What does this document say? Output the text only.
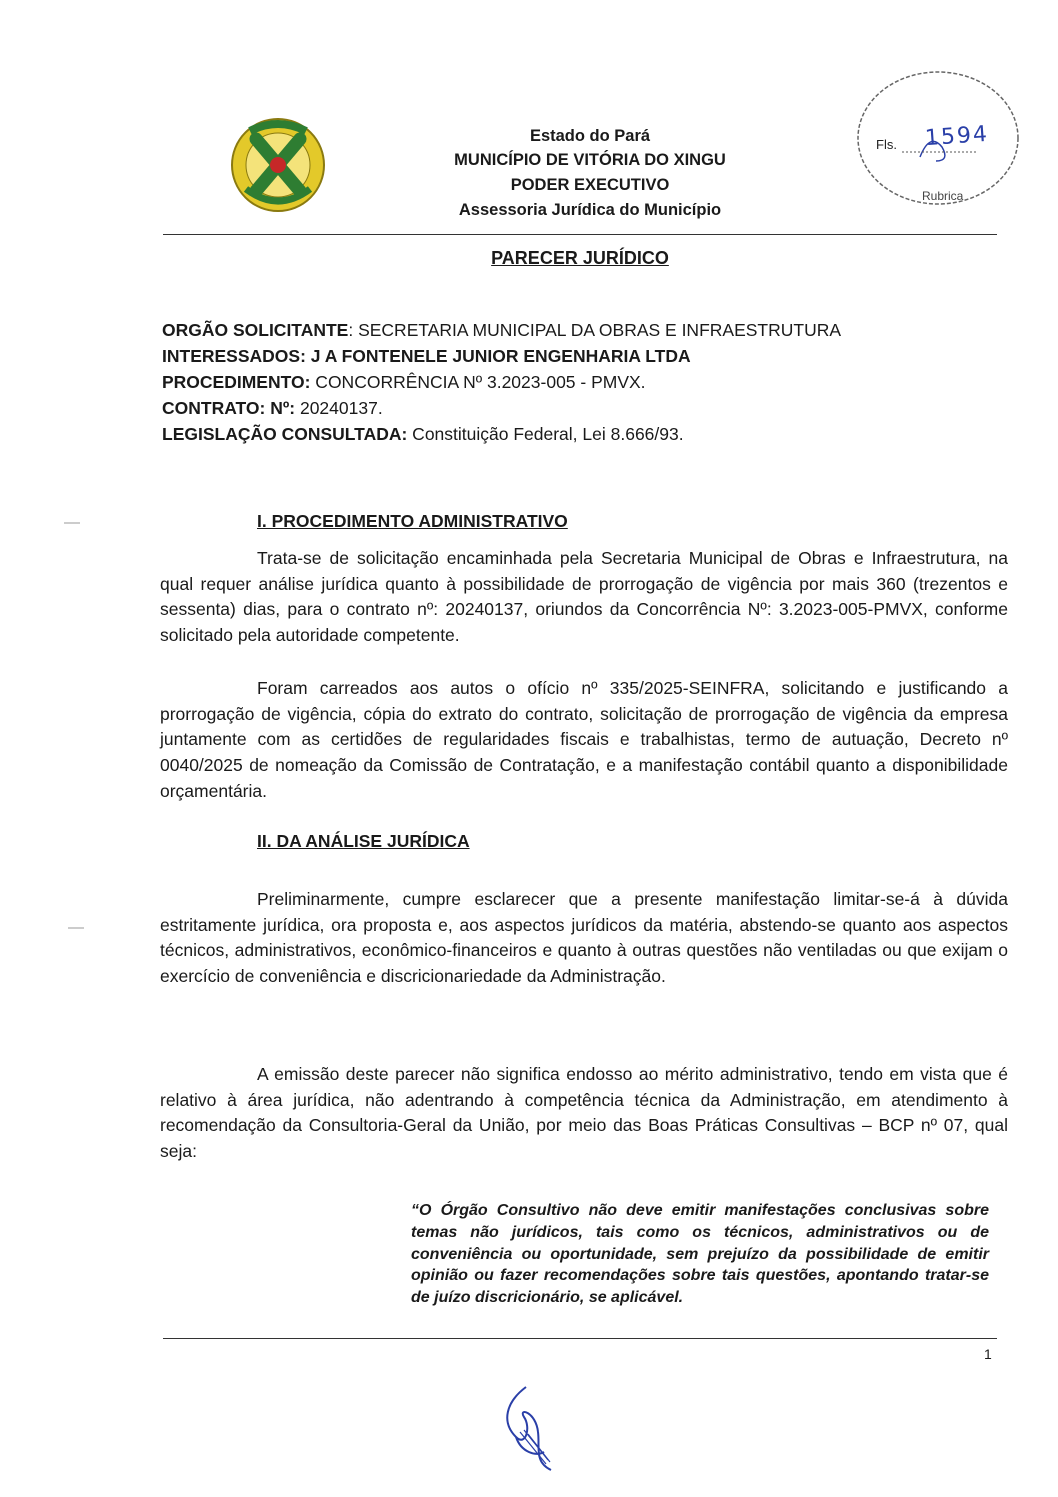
Estado do Pará
MUNICÍPIO DE VITÓRIA DO XINGU
PODER EXECUTIVO
Assessoria Jurídica do Município
Fls. 1594
Rubrica
PARECER JURÍDICO
ORGÃO SOLICITANTE: SECRETARIA MUNICIPAL DA OBRAS E INFRAESTRUTURA
INTERESSADOS: J A FONTENELE JUNIOR ENGENHARIA LTDA
PROCEDIMENTO: CONCORRÊNCIA Nº 3.2023-005 - PMVX.
CONTRATO: Nº: 20240137.
LEGISLAÇÃO CONSULTADA: Constituição Federal, Lei 8.666/93.
I. PROCEDIMENTO ADMINISTRATIVO
Trata-se de solicitação encaminhada pela Secretaria Municipal de Obras e Infraestrutura, na qual requer análise jurídica quanto à possibilidade de prorrogação de vigência por mais 360 (trezentos e sessenta) dias, para o contrato nº: 20240137, oriundos da Concorrência Nº: 3.2023-005-PMVX, conforme solicitado pela autoridade competente.
Foram carreados aos autos o ofício nº 335/2025-SEINFRA, solicitando e justificando a prorrogação de vigência, cópia do extrato do contrato, solicitação de prorrogação de vigência da empresa juntamente com as certidões de regularidades fiscais e trabalhistas, termo de autuação, Decreto nº 0040/2025 de nomeação da Comissão de Contratação, e a manifestação contábil quanto a disponibilidade orçamentária.
II. DA ANÁLISE JURÍDICA
Preliminarmente, cumpre esclarecer que a presente manifestação limitar-se-á à dúvida estritamente jurídica, ora proposta e, aos aspectos jurídicos da matéria, abstendo-se quanto aos aspectos técnicos, administrativos, econômico-financeiros e quanto à outras questões não ventiladas ou que exijam o exercício de conveniência e discricionariedade da Administração.
A emissão deste parecer não significa endosso ao mérito administrativo, tendo em vista que é relativo à área jurídica, não adentrando à competência técnica da Administração, em atendimento à recomendação da Consultoria-Geral da União, por meio das Boas Práticas Consultivas – BCP nº 07, qual seja:
“O Órgão Consultivo não deve emitir manifestações conclusivas sobre temas não jurídicos, tais como os técnicos, administrativos ou de conveniência ou oportunidade, sem prejuízo da possibilidade de emitir opinião ou fazer recomendações sobre tais questões, apontando tratar-se de juízo discricionário, se aplicável.
1
